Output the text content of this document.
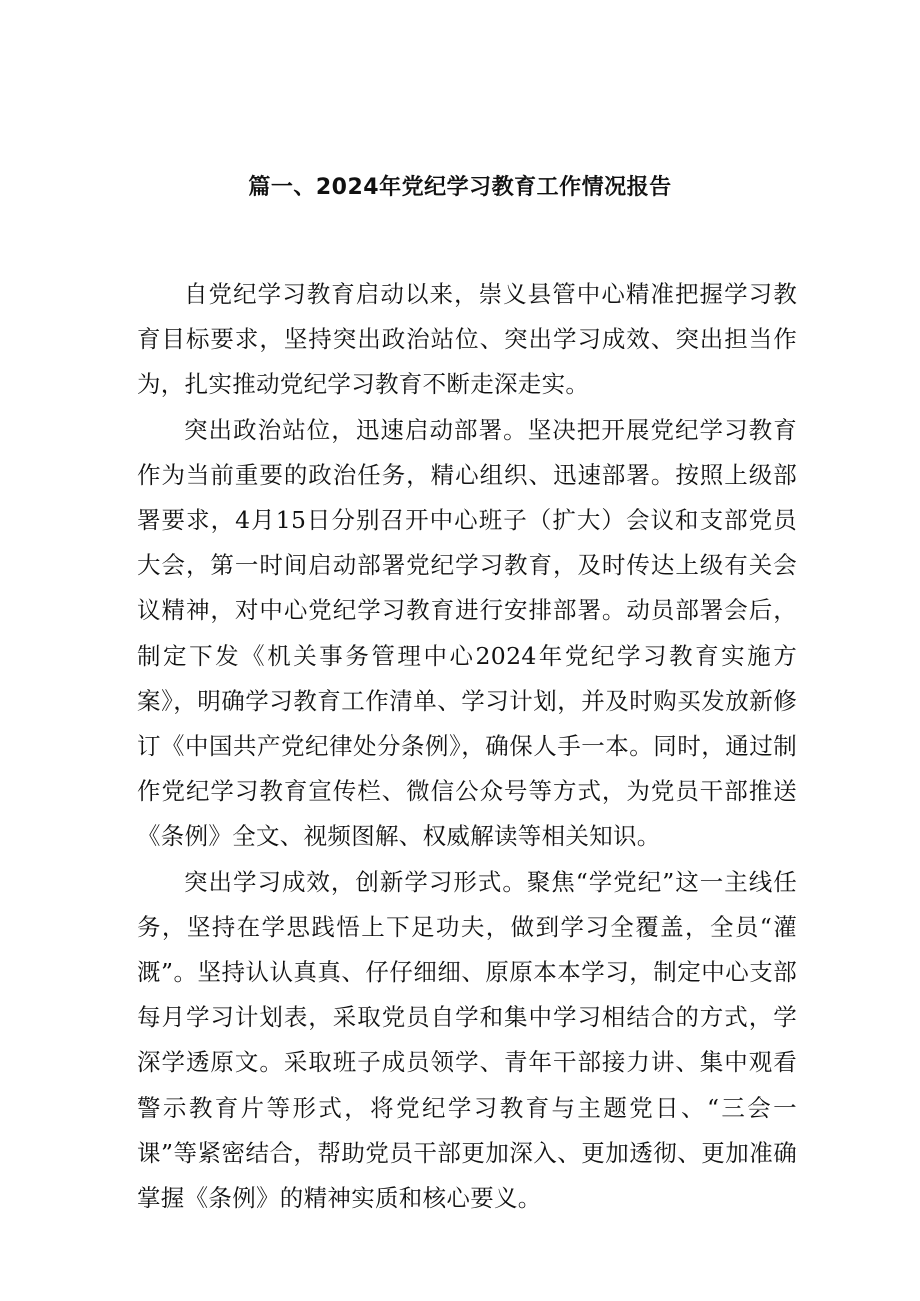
篇一、2024年党纪学习教育工作情况报告

自党纪学习教育启动以来，崇义县管中心精准把握学习教育目标要求，坚持突出政治站位、突出学习成效、突出担当作为，扎实推动党纪学习教育不断走深走实。

突出政治站位，迅速启动部署。坚决把开展党纪学习教育作为当前重要的政治任务，精心组织、迅速部署。按照上级部署要求，4月15日分别召开中心班子（扩大）会议和支部党员大会，第一时间启动部署党纪学习教育，及时传达上级有关会议精神，对中心党纪学习教育进行安排部署。动员部署会后，制定下发《机关事务管理中心2024年党纪学习教育实施方案》，明确学习教育工作清单、学习计划，并及时购买发放新修订《中国共产党纪律处分条例》，确保人手一本。同时，通过制作党纪学习教育宣传栏、微信公众号等方式，为党员干部推送《条例》全文、视频图解、权威解读等相关知识。

突出学习成效，创新学习形式。聚焦“学党纪”这一主线任务，坚持在学思践悟上下足功夫，做到学习全覆盖，全员“灌溉”。坚持认认真真、仔仔细细、原原本本学习，制定中心支部每月学习计划表，采取党员自学和集中学习相结合的方式，学深学透原文。采取班子成员领学、青年干部接力讲、集中观看警示教育片等形式，将党纪学习教育与主题党日、“三会一课”等紧密结合，帮助党员干部更加深入、更加透彻、更加准确掌握《条例》的精神实质和核心要义。
